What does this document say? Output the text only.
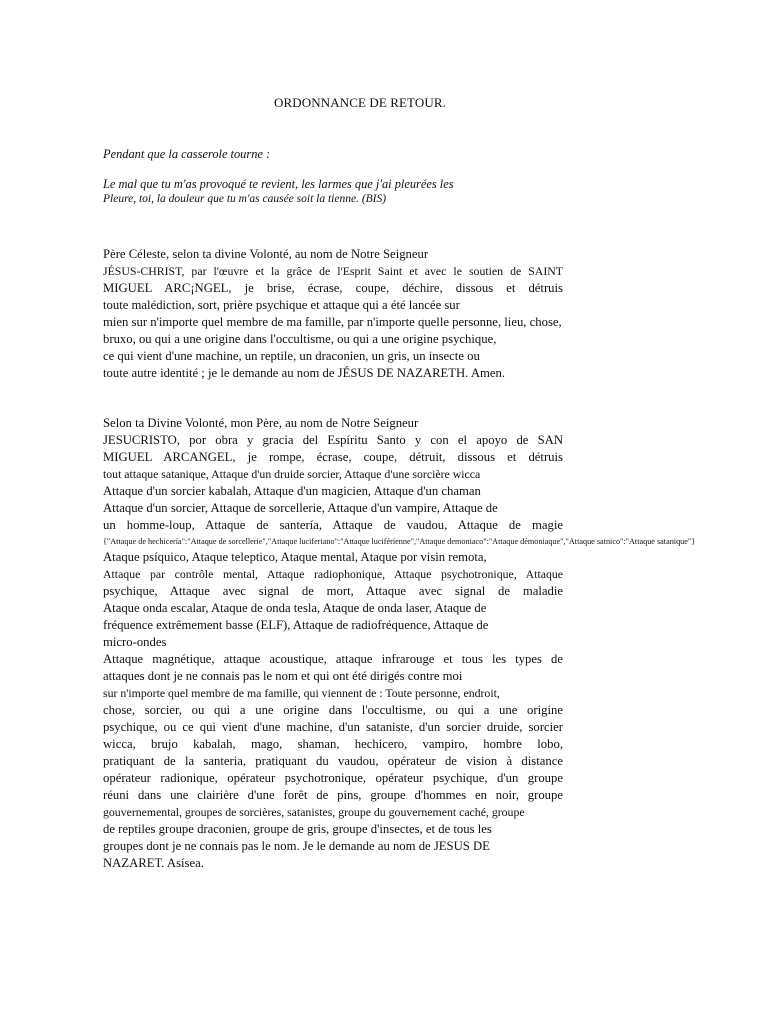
ORDONNANCE DE RETOUR.
Pendant que la casserole tourne :
Le mal que tu m'as provoqué te revient, les larmes que j'ai pleurées les
Pleure, toi, la douleur que tu m'as causée soit la tienne. (BIS)
Père Céleste, selon ta divine Volonté, au nom de Notre Seigneur
JÉSUS-CHRIST, par l'œuvre et la grâce de l'Esprit Saint et avec le soutien de SAINT
MIGUEL ARC¡NGEL, je brise, écrase, coupe, déchire, dissous et détruis
toute malédiction, sort, prière psychique et attaque qui a été lancée sur
mien sur n'importe quel membre de ma famille, par n'importe quelle personne, lieu, chose,
bruxo, ou qui a une origine dans l'occultisme, ou qui a une origine psychique,
ce qui vient d'une machine, un reptile, un draconien, un gris, un insecte ou
toute autre identité ; je le demande au nom de JÉSUS DE NAZARETH. Amen.
Selon ta Divine Volonté, mon Père, au nom de Notre Seigneur
JESUCRISTO, por obra y gracia del Espíritu Santo y con el apoyo de SAN
MIGUEL ARCANGEL, je rompe, écrase, coupe, détruit, dissous et détruis
tout attaque satanique, Attaque d'un druide sorcier, Attaque d'une sorcière wicca
Attaque d'un sorcier kabalah, Attaque d'un magicien, Attaque d'un chaman
Attaque d'un sorcier, Attaque de sorcellerie, Attaque d'un vampire, Attaque de
un homme-loup, Attaque de santería, Attaque de vaudou, Attaque de magie
{"Attaque de hechicería":"Attaque de sorcellerie","Attaque luciferiano":"Attaque luciférienne","Attaque demoniaco":"Attaque démoniaque","Attaque satnico":"Attaque satanique"}
Ataque psíquico, Ataque teleptico, Ataque mental, Ataque por visin remota,
Attaque par contrôle mental, Attaque radiophonique, Attaque psychotronique, Attaque
psychique, Attaque avec signal de mort, Attaque avec signal de maladie
Ataque onda escalar, Ataque de onda tesla, Ataque de onda laser, Ataque de
fréquence extrêmement basse (ELF), Attaque de radiofréquence, Attaque de
micro-ondes
Attaque magnétique, attaque acoustique, attaque infrarouge et tous les types de
attaques dont je ne connais pas le nom et qui ont été dirigés contre moi
sur n'importe quel membre de ma famille, qui viennent de : Toute personne, endroit,
chose, sorcier, ou qui a une origine dans l'occultisme, ou qui a une origine
psychique, ou ce qui vient d'une machine, d'un sataniste, d'un sorcier druide, sorcier
wicca, brujo kabalah, mago, shaman, hechicero, vampiro, hombre lobo,
pratiquant de la santeria, pratiquant du vaudou, opérateur de vision à distance
opérateur radionique, opérateur psychotronique, opérateur psychique, d'un groupe
réuni dans une clairière d'une forêt de pins, groupe d'hommes en noir, groupe
gouvernemental, groupes de sorcières, satanistes, groupe du gouvernement caché, groupe
de reptiles groupe draconien, groupe de gris, groupe d'insectes, et de tous les
groupes dont je ne connais pas le nom. Je le demande au nom de JESUS DE
NAZARET. Asísea.
